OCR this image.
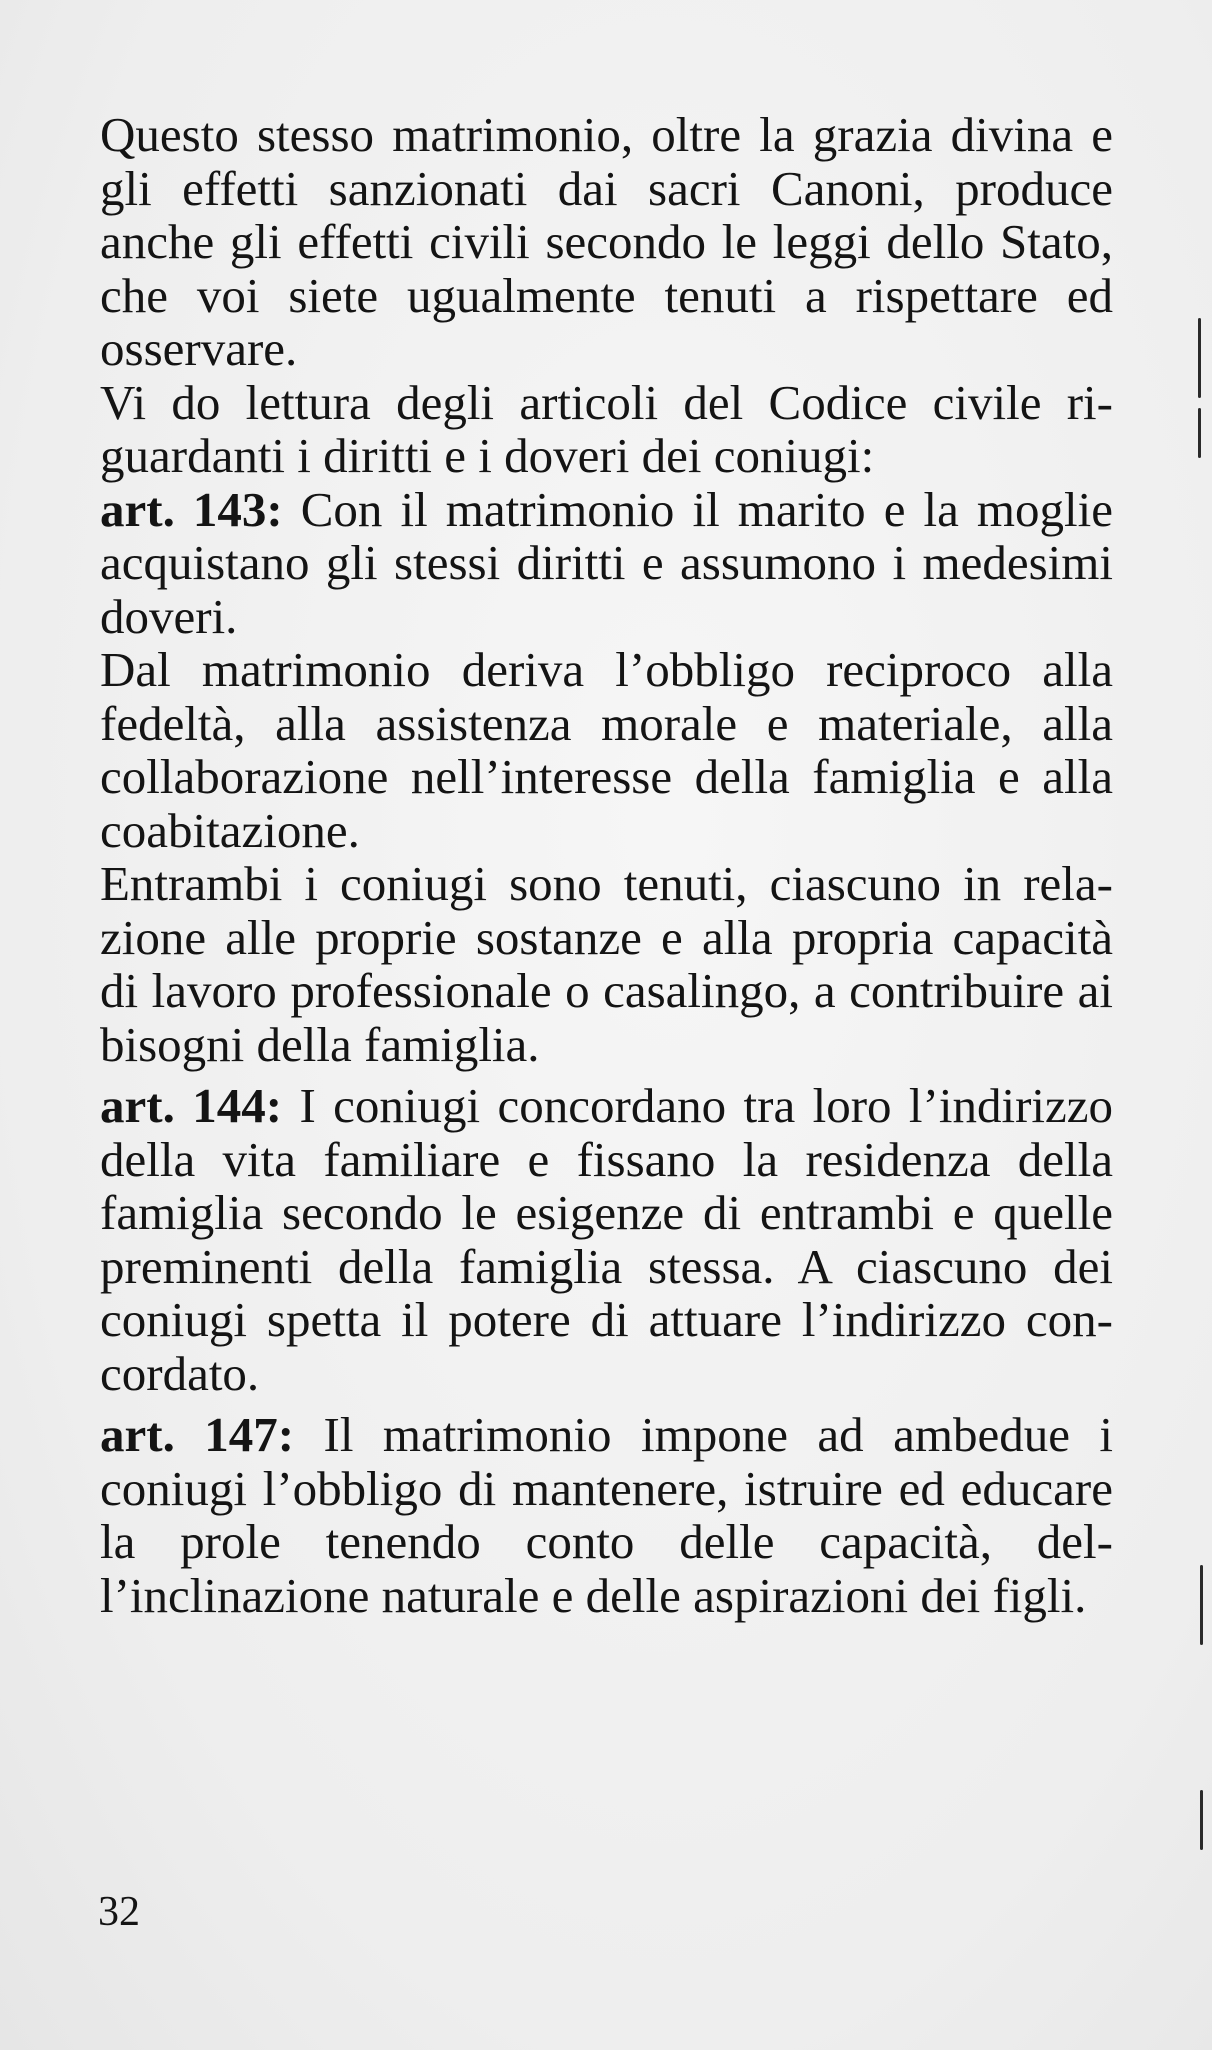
Questo stesso matrimonio, oltre la grazia divina e gli effetti sanzionati dai sacri Canoni, produce anche gli effetti civili secondo le leggi dello Stato, che voi siete ugualmente tenuti a rispettare ed osservare.

Vi do lettura degli articoli del Codice civile riguardanti i diritti e i doveri dei coniugi:

art. 143: Con il matrimonio il marito e la moglie acquistano gli stessi diritti e assumono i medesimi doveri.

Dal matrimonio deriva l’obbligo reciproco alla fedeltà, alla assistenza morale e materiale, alla collaborazione nell’interesse della famiglia e alla coabitazione.

Entrambi i coniugi sono tenuti, ciascuno in relazione alle proprie sostanze e alla propria capacità di lavoro professionale o casalingo, a contribuire ai bisogni della famiglia.

art. 144: I coniugi concordano tra loro l’indirizzo della vita familiare e fissano la residenza della famiglia secondo le esigenze di entrambi e quelle preminenti della famiglia stessa. A ciascuno dei coniugi spetta il potere di attuare l’indirizzo concordato.

art. 147: Il matrimonio impone ad ambedue i coniugi l’obbligo di mantenere, istruire ed educare la prole tenendo conto delle capacità, dell’inclinazione naturale e delle aspirazioni dei figli.

32
